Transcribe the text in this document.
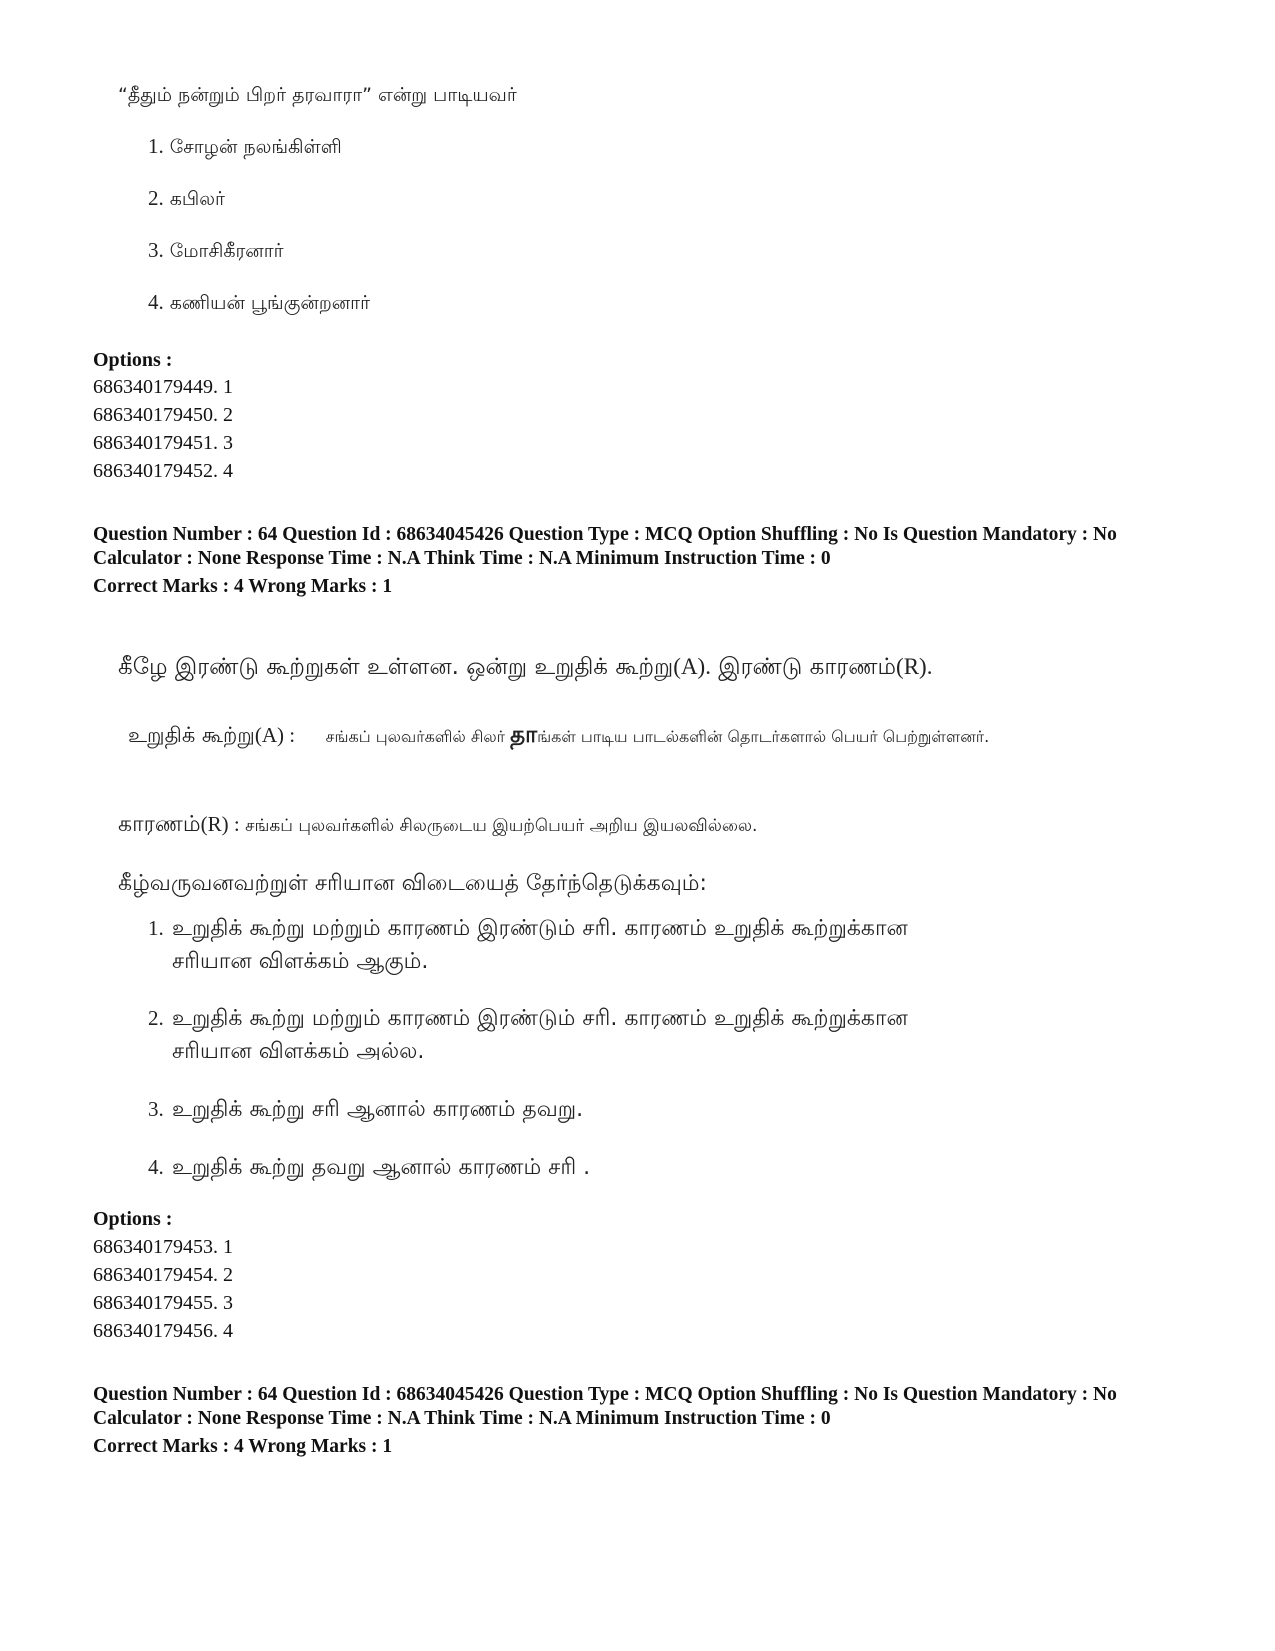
“தீதும் நன்றும் பிறர் தரவாரா” என்று பாடியவர்
1. சோழன் நலங்கிள்ளி
2. கபிலர்
3. மோசிகீரனார்
4. கணியன் பூங்குன்றனார்
Options :
686340179449. 1
686340179450. 2
686340179451. 3
686340179452. 4
Question Number : 64 Question Id : 68634045426 Question Type : MCQ Option Shuffling : No Is Question Mandatory : No Calculator : None Response Time : N.A Think Time : N.A Minimum Instruction Time : 0
Correct Marks : 4 Wrong Marks : 1
கீழே இரண்டு கூற்றுகள் உள்ளன. ஒன்று உறுதிக் கூற்று(A). இரண்டு காரணம்(R).
உறுதிக் கூற்று(A) : சங்கப் புலவர்களில் சிலர் தாங்கள் பாடிய பாடல்களின் தொடர்களால் பெயர் பெற்றுள்ளனர்.
காரணம்(R) : சங்கப் புலவர்களில் சிலருடைய இயற்பெயர் அறிய இயலவில்லை.
கீழ்வருவனவற்றுள் சரியான விடையைத் தேர்ந்தெடுக்கவும்:
1. உறுதிக் கூற்று மற்றும் காரணம் இரண்டும் சரி. காரணம் உறுதிக் கூற்றுக்கான
சரியான விளக்கம் ஆகும்.
2. உறுதிக் கூற்று மற்றும் காரணம் இரண்டும் சரி. காரணம் உறுதிக் கூற்றுக்கான
சரியான விளக்கம் அல்ல.
3. உறுதிக் கூற்று சரி ஆனால் காரணம் தவறு.
4. உறுதிக் கூற்று தவறு ஆனால் காரணம் சரி .
Options :
686340179453. 1
686340179454. 2
686340179455. 3
686340179456. 4
Question Number : 64 Question Id : 68634045426 Question Type : MCQ Option Shuffling : No Is Question Mandatory : No Calculator : None Response Time : N.A Think Time : N.A Minimum Instruction Time : 0
Correct Marks : 4 Wrong Marks : 1
